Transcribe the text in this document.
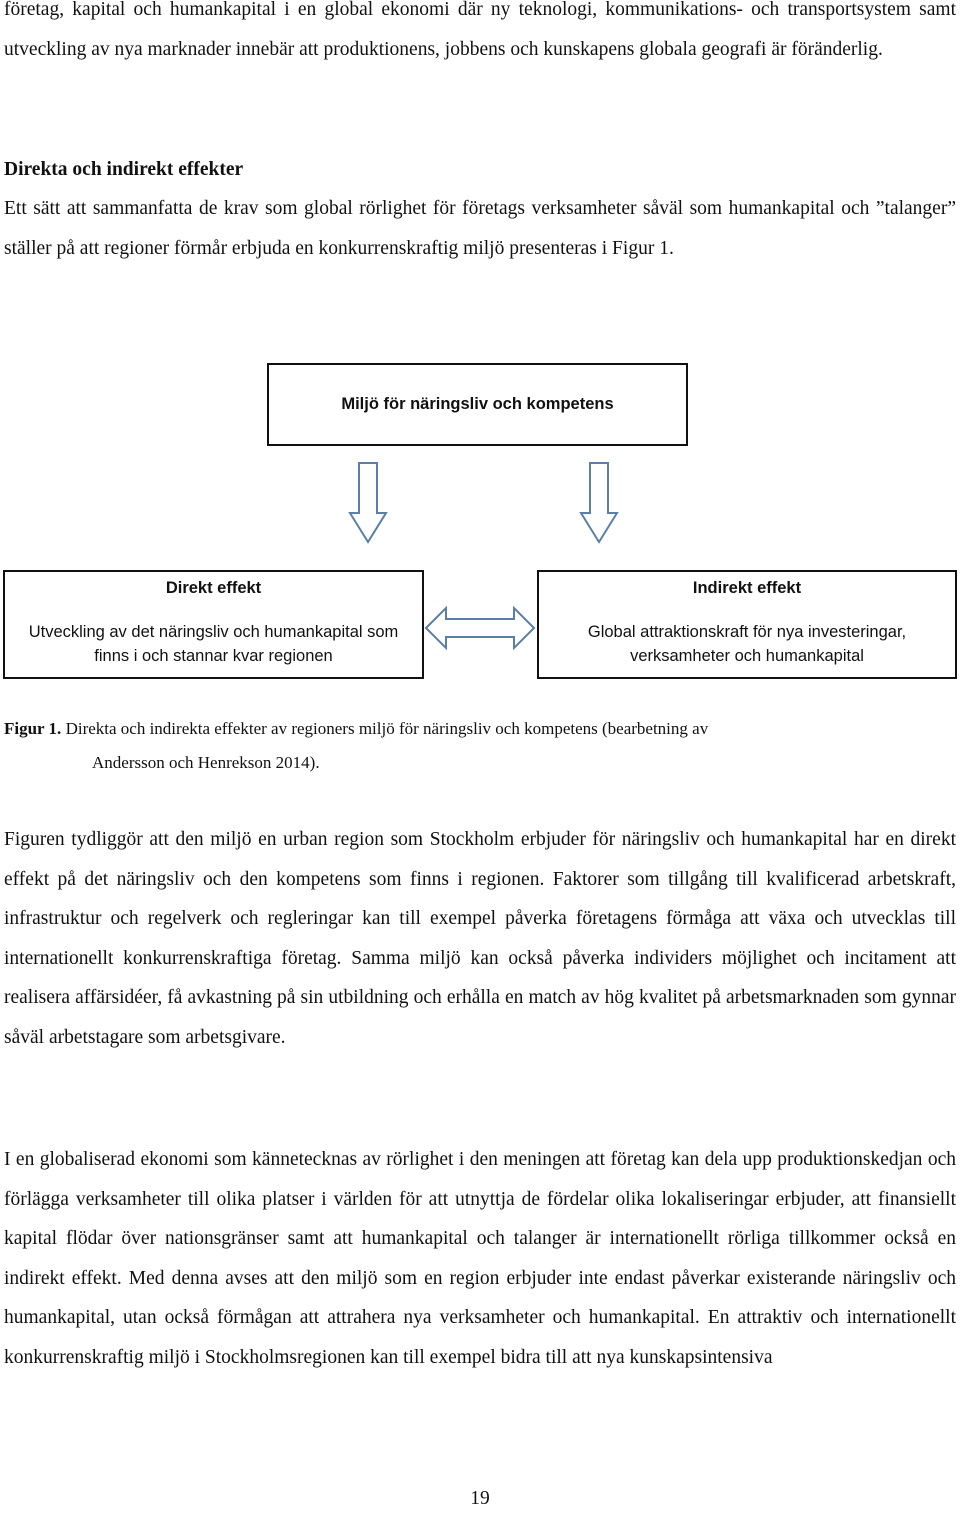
företag, kapital och humankapital i en global ekonomi där ny teknologi, kommunikations- och transportsystem samt utveckling av nya marknader innebär att produktionens, jobbens och kunskapens globala geografi är föränderlig.

Direkta och indirekt effekter

Ett sätt att sammanfatta de krav som global rörlighet för företags verksamheter såväl som humankapital och ”talanger” ställer på att regioner förmår erbjuda en konkurrenskraftig miljö presenteras i Figur 1.

Miljö för näringsliv och kompetens
Direkt effekt
Utveckling av det näringsliv och humankapital som finns i och stannar kvar regionen
Indirekt effekt
Global attraktionskraft för nya investeringar, verksamheter och humankapital

Figur 1. Direkta och indirekta effekter av regioners miljö för näringsliv och kompetens (bearbetning av
Andersson och Henrekson 2014).

Figuren tydliggör att den miljö en urban region som Stockholm erbjuder för näringsliv och humankapital har en direkt effekt på det näringsliv och den kompetens som finns i regionen. Faktorer som tillgång till kvalificerad arbetskraft, infrastruktur och regelverk och regleringar kan till exempel påverka företagens förmåga att växa och utvecklas till internationellt konkurrenskraftiga företag. Samma miljö kan också påverka individers möjlighet och incitament att realisera affärsidéer, få avkastning på sin utbildning och erhålla en match av hög kvalitet på arbetsmarknaden som gynnar såväl arbetstagare som arbetsgivare.

I en globaliserad ekonomi som kännetecknas av rörlighet i den meningen att företag kan dela upp produktionskedjan och förlägga verksamheter till olika platser i världen för att utnyttja de fördelar olika lokaliseringar erbjuder, att finansiellt kapital flödar över nationsgränser samt att humankapital och talanger är internationellt rörliga tillkommer också en indirekt effekt. Med denna avses att den miljö som en region erbjuder inte endast påverkar existerande näringsliv och humankapital, utan också förmågan att attrahera nya verksamheter och humankapital. En attraktiv och internationellt konkurrenskraftig miljö i Stockholmsregionen kan till exempel bidra till att nya kunskapsintensiva

19
